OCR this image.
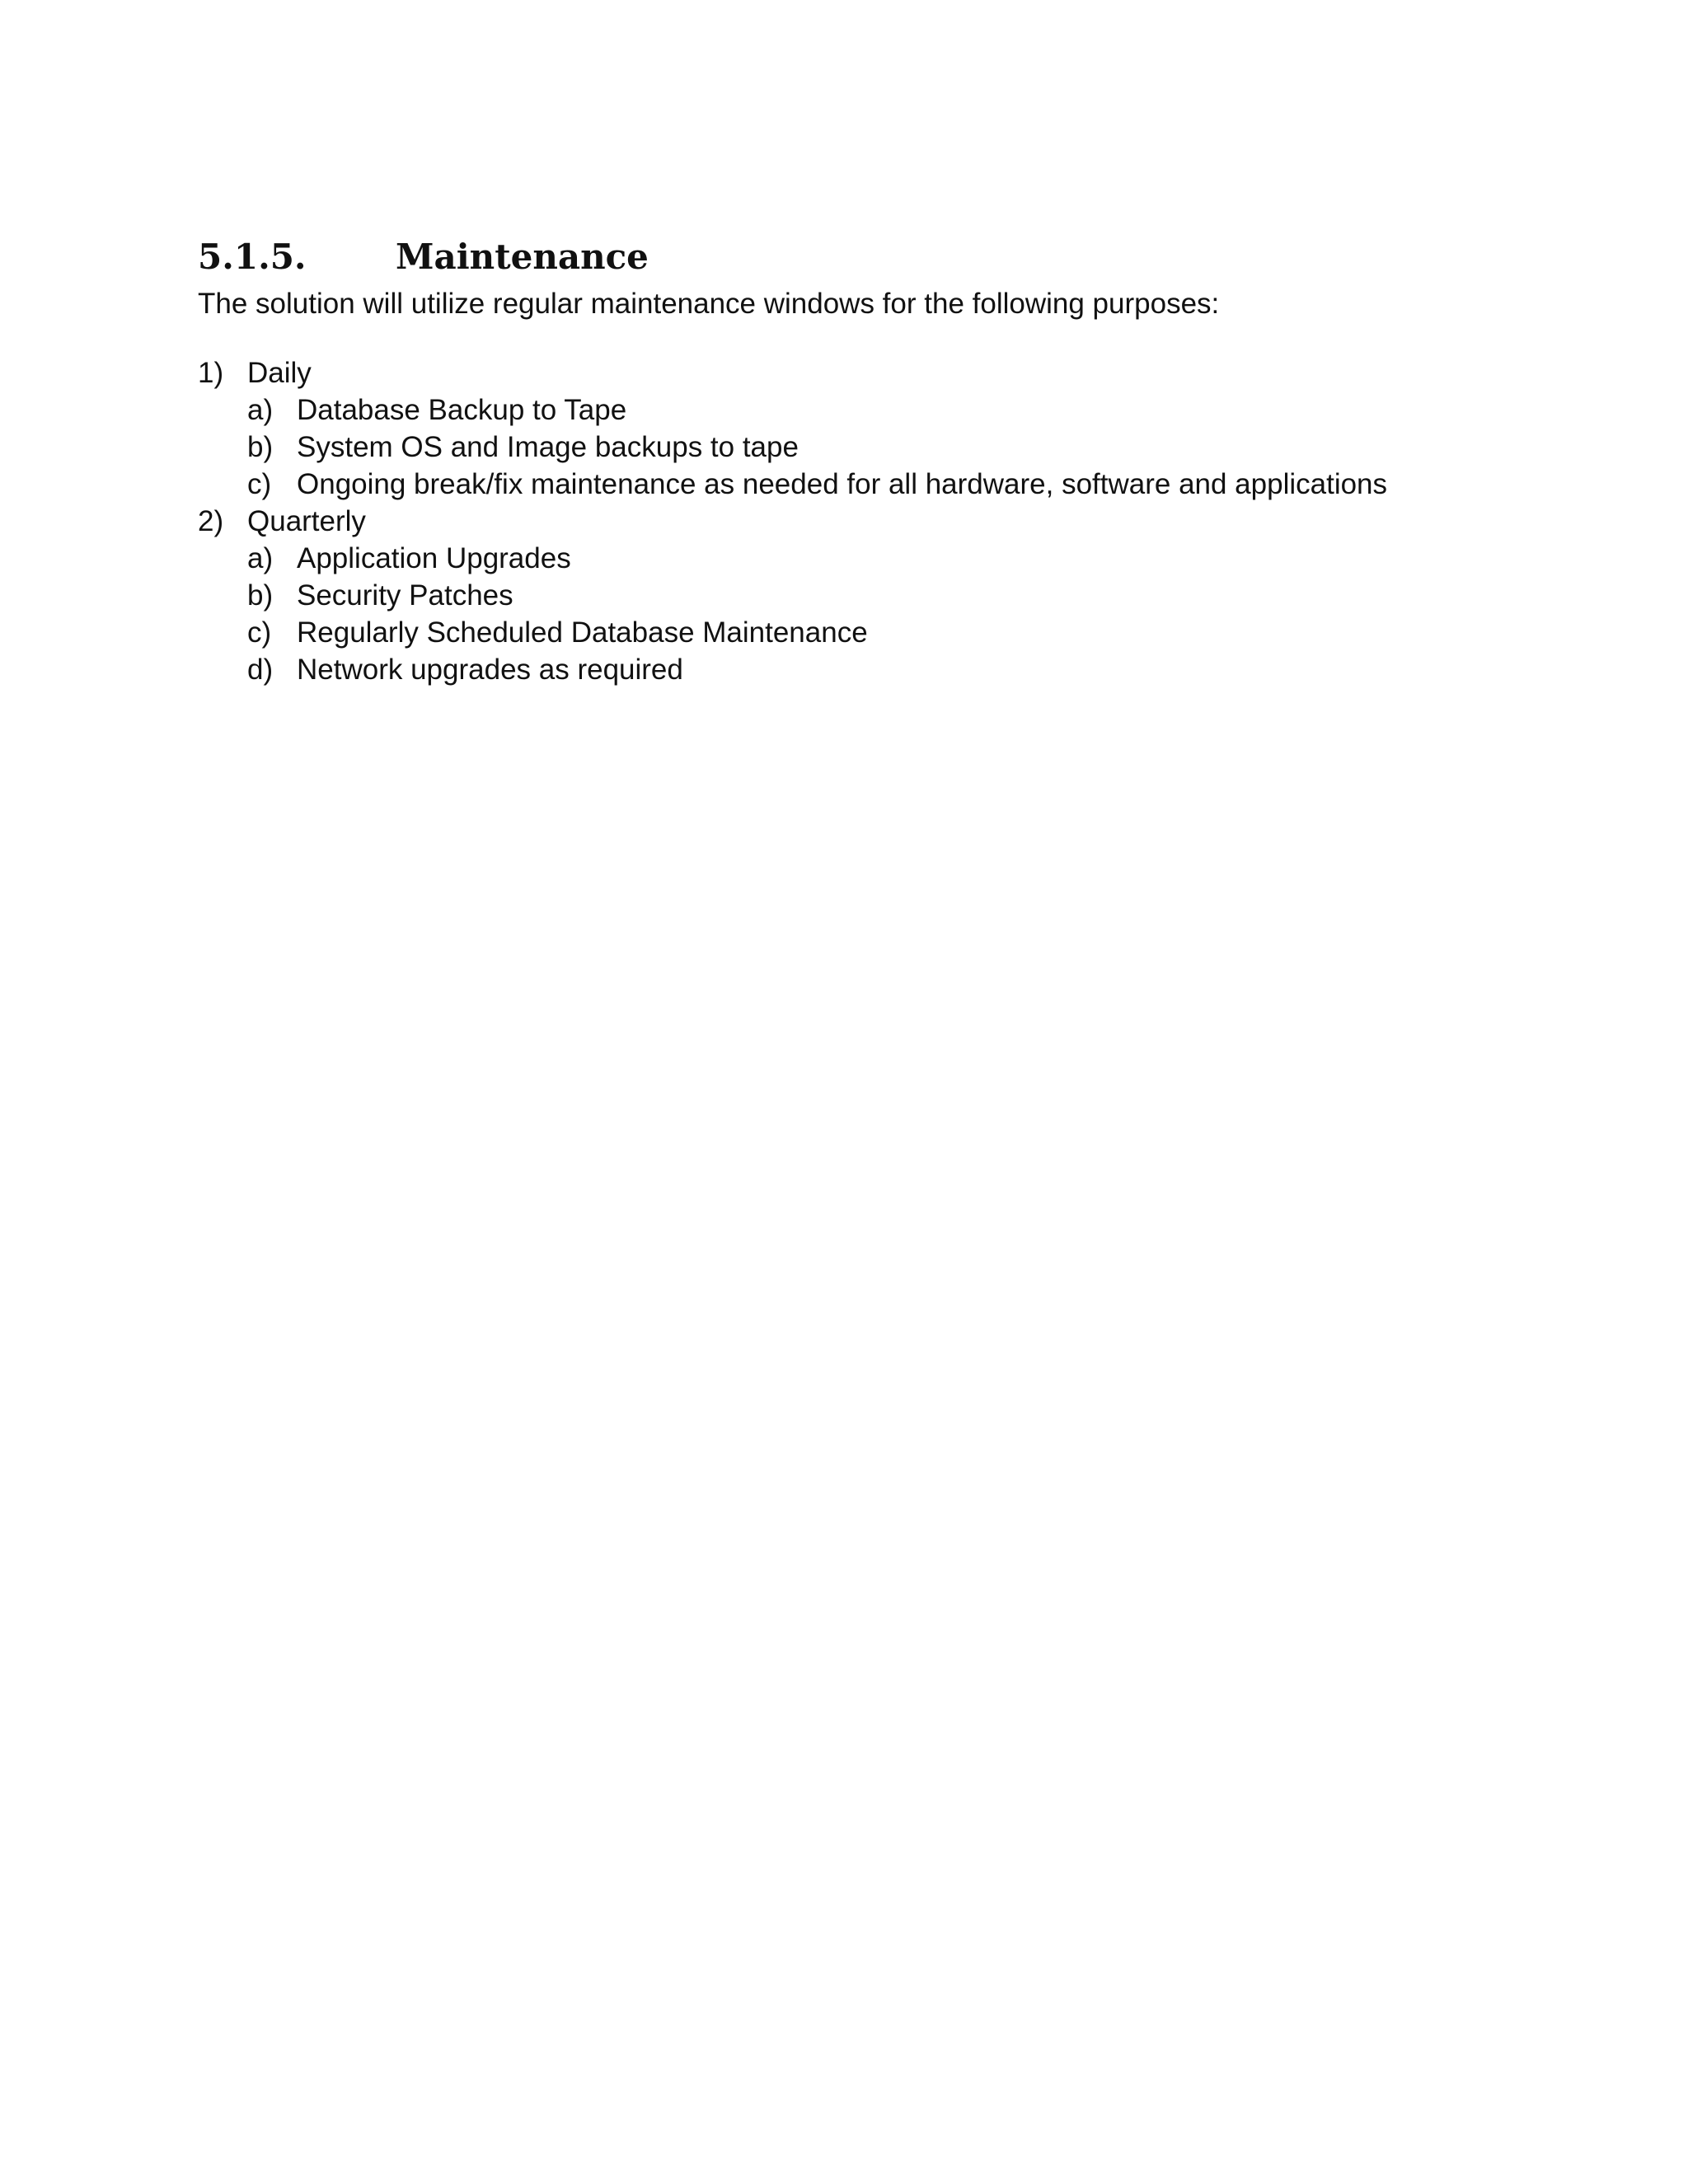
5.1.5.	Maintenance

The solution will utilize regular maintenance windows for the following purposes:

1) Daily
a) Database Backup to Tape
b) System OS and Image backups to tape
c) Ongoing break/fix maintenance as needed for all hardware, software and applications
2) Quarterly
a) Application Upgrades
b) Security Patches
c) Regularly Scheduled Database Maintenance
d) Network upgrades as required
